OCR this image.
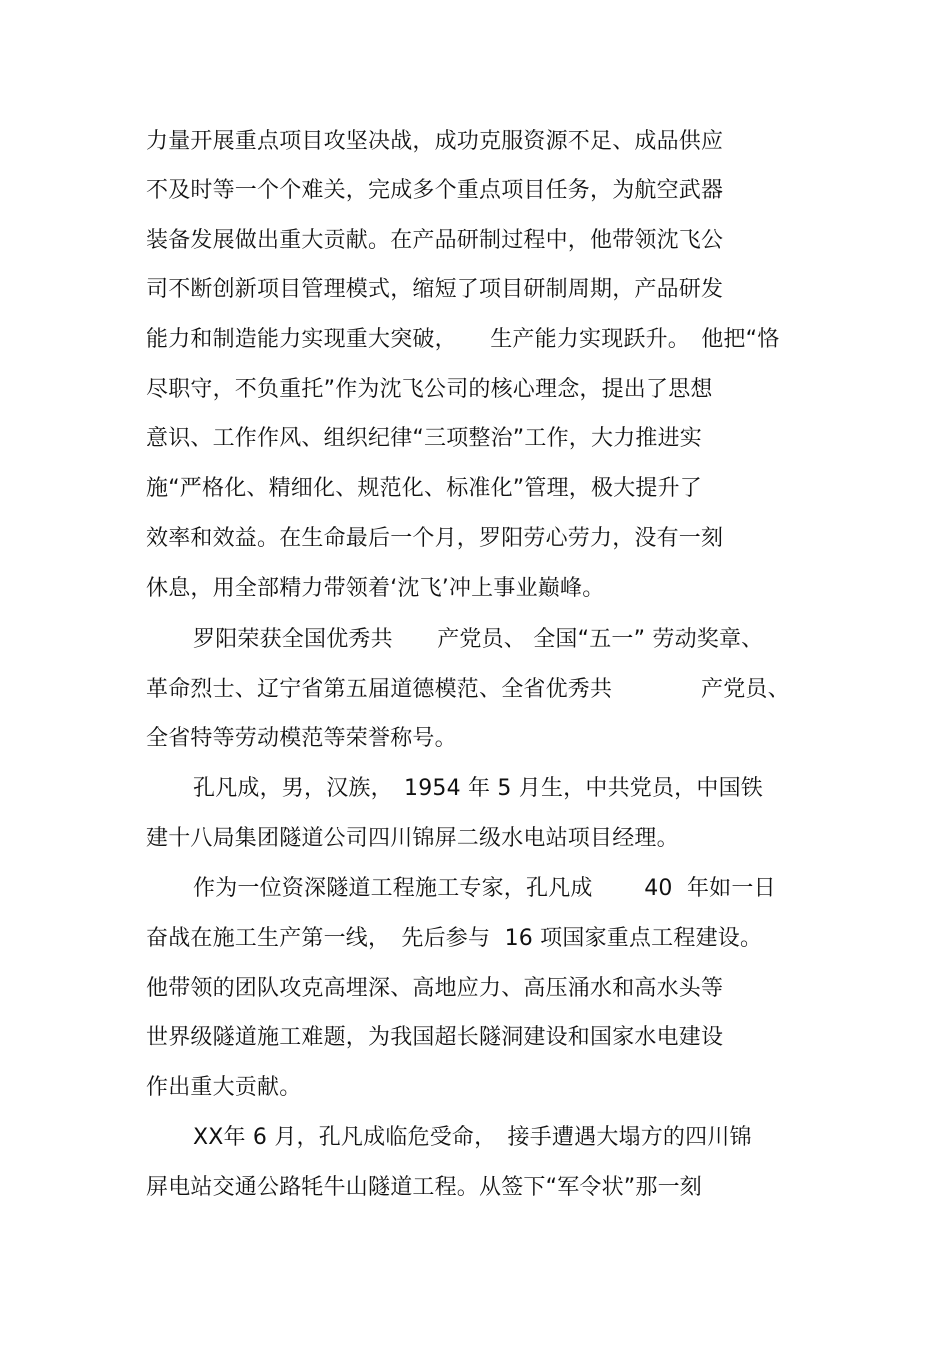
力量开展重点项目攻坚决战，成功克服资源不足、成品供应
不及时等一个个难关，完成多个重点项目任务，为航空武器
装备发展做出重大贡献。在产品研制过程中，他带领沈飞公
司不断创新项目管理模式，缩短了项目研制周期，产品研发
能力和制造能力实现重大突破，　　生产能力实现跃升。　他把“恪
尽职守，不负重托”作为沈飞公司的核心理念，提出了思想
意识、工作作风、组织纪律“三项整治”工作，大力推进实
施“严格化、精细化、规范化、标准化”管理，极大提升了
效率和效益。在生命最后一个月，罗阳劳心劳力，没有一刻
休息，用全部精力带领着‘沈飞’冲上事业巅峰。
罗阳荣获全国优秀共　　产党员、 全国“五一” 劳动奖章、
革命烈士、辽宁省第五届道德模范、全省优秀共　　　　产党员、
全省特等劳动模范等荣誉称号。
孔凡成，男，汉族，　1954 年 5 月生，中共党员，中国铁
建十八局集团隧道公司四川锦屏二级水电站项目经理。
作为一位资深隧道工程施工专家，孔凡成　　 40  年如一日
奋战在施工生产第一线，　先后参与  16 项国家重点工程建设。
他带领的团队攻克高埋深、高地应力、高压涌水和高水头等
世界级隧道施工难题，为我国超长隧洞建设和国家水电建设
作出重大贡献。
XX年 6 月，孔凡成临危受命，　接手遭遇大塌方的四川锦
屏电站交通公路牦牛山隧道工程。从签下“军令状”那一刻
